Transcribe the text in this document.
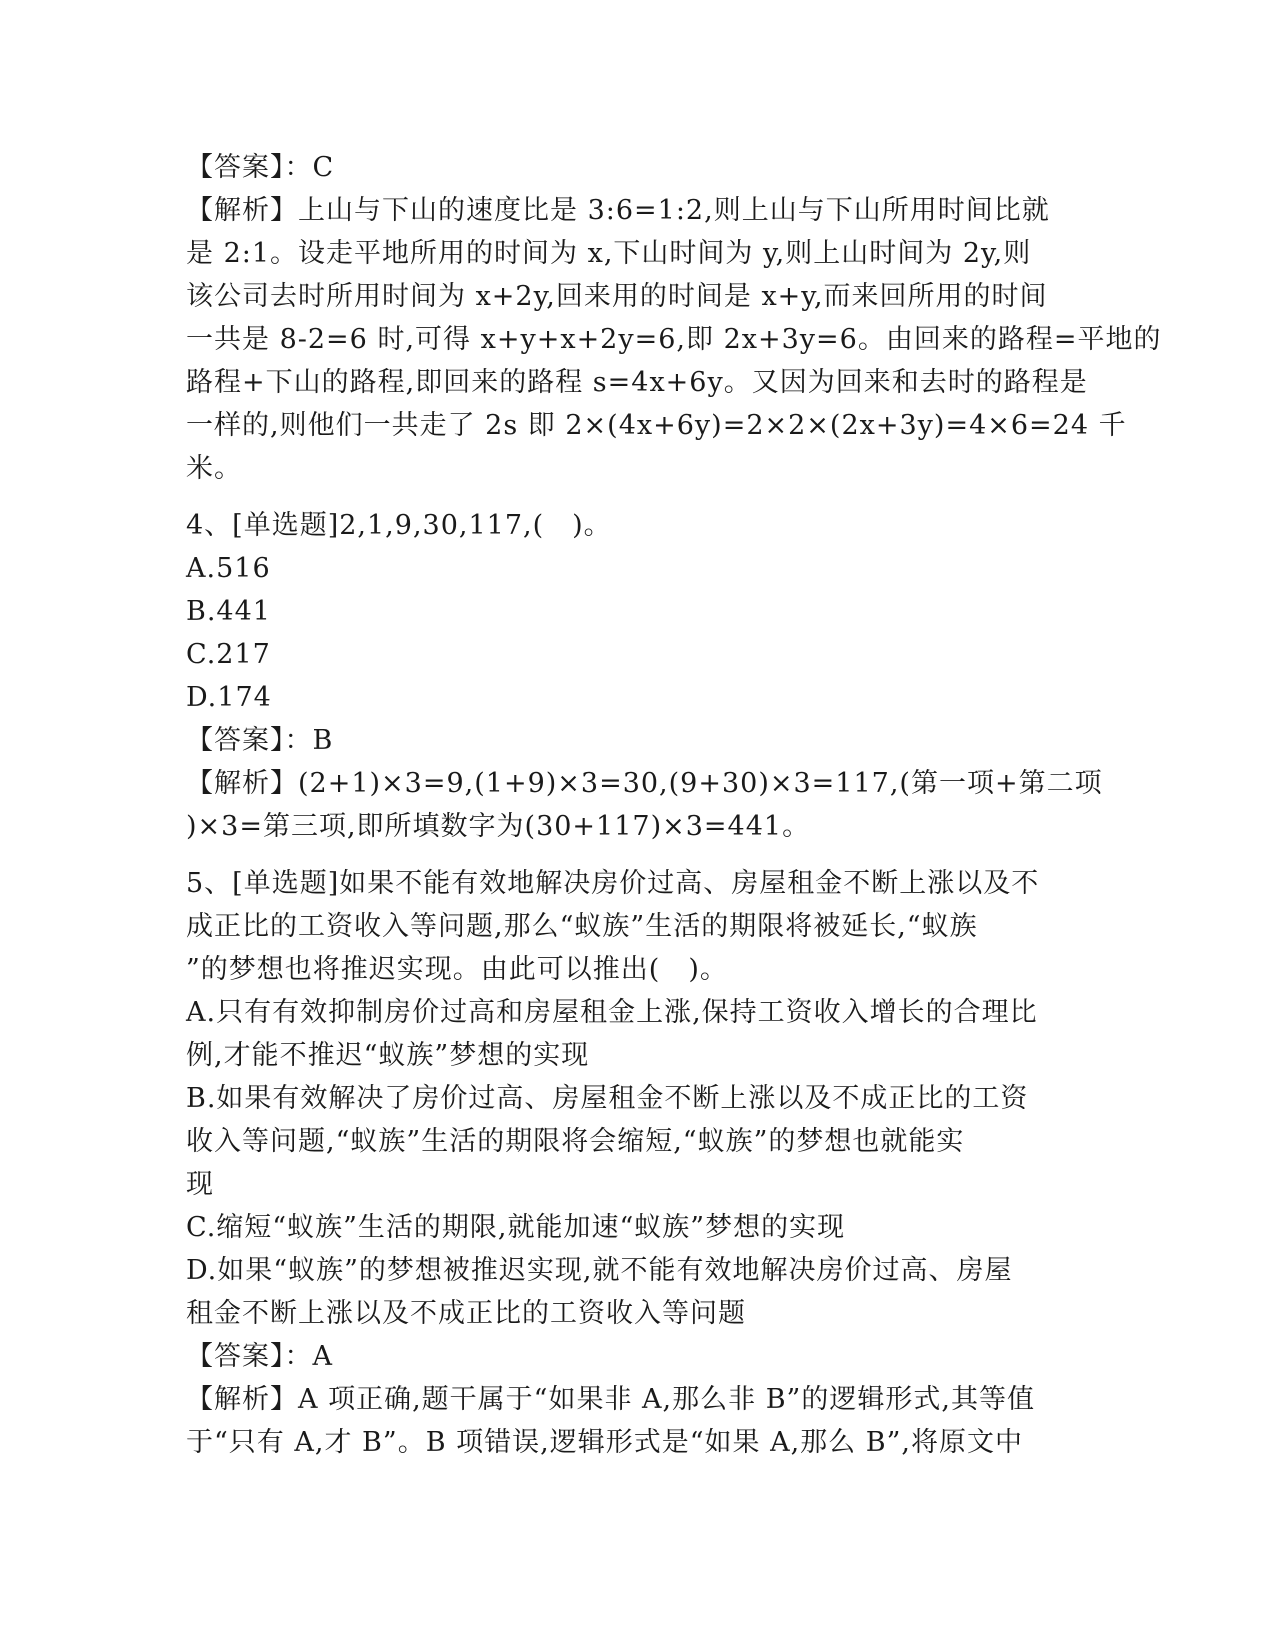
【答案】：C
【解析】上山与下山的速度比是 3:6=1:2,则上山与下山所用时间比就
是 2:1。设走平地所用的时间为 x,下山时间为 y,则上山时间为 2y,则
该公司去时所用时间为 x+2y,回来用的时间是 x+y,而来回所用的时间
一共是 8-2=6 时,可得 x+y+x+2y=6,即 2x+3y=6。由回来的路程=平地的
路程+下山的路程,即回来的路程 s=4x+6y。又因为回来和去时的路程是
一样的,则他们一共走了 2s 即 2×(4x+6y)=2×2×(2x+3y)=4×6=24 千
米。
4、[单选题]2,1,9,30,117,(　)。
A.516
B.441
C.217
D.174
【答案】：B
【解析】(2+1)×3=9,(1+9)×3=30,(9+30)×3=117,(第一项+第二项
)×3=第三项,即所填数字为(30+117)×3=441。
5、[单选题]如果不能有效地解决房价过高、房屋租金不断上涨以及不
成正比的工资收入等问题,那么“蚁族”生活的期限将被延长,“蚁族
”的梦想也将推迟实现。由此可以推出(　)。
A.只有有效抑制房价过高和房屋租金上涨,保持工资收入增长的合理比
例,才能不推迟“蚁族”梦想的实现
B.如果有效解决了房价过高、房屋租金不断上涨以及不成正比的工资
收入等问题,“蚁族”生活的期限将会缩短,“蚁族”的梦想也就能实
现
C.缩短“蚁族”生活的期限,就能加速“蚁族”梦想的实现
D.如果“蚁族”的梦想被推迟实现,就不能有效地解决房价过高、房屋
租金不断上涨以及不成正比的工资收入等问题
【答案】：A
【解析】A 项正确,题干属于“如果非 A,那么非 B”的逻辑形式,其等值
于“只有 A,才 B”。B 项错误,逻辑形式是“如果 A,那么 B”,将原文中
